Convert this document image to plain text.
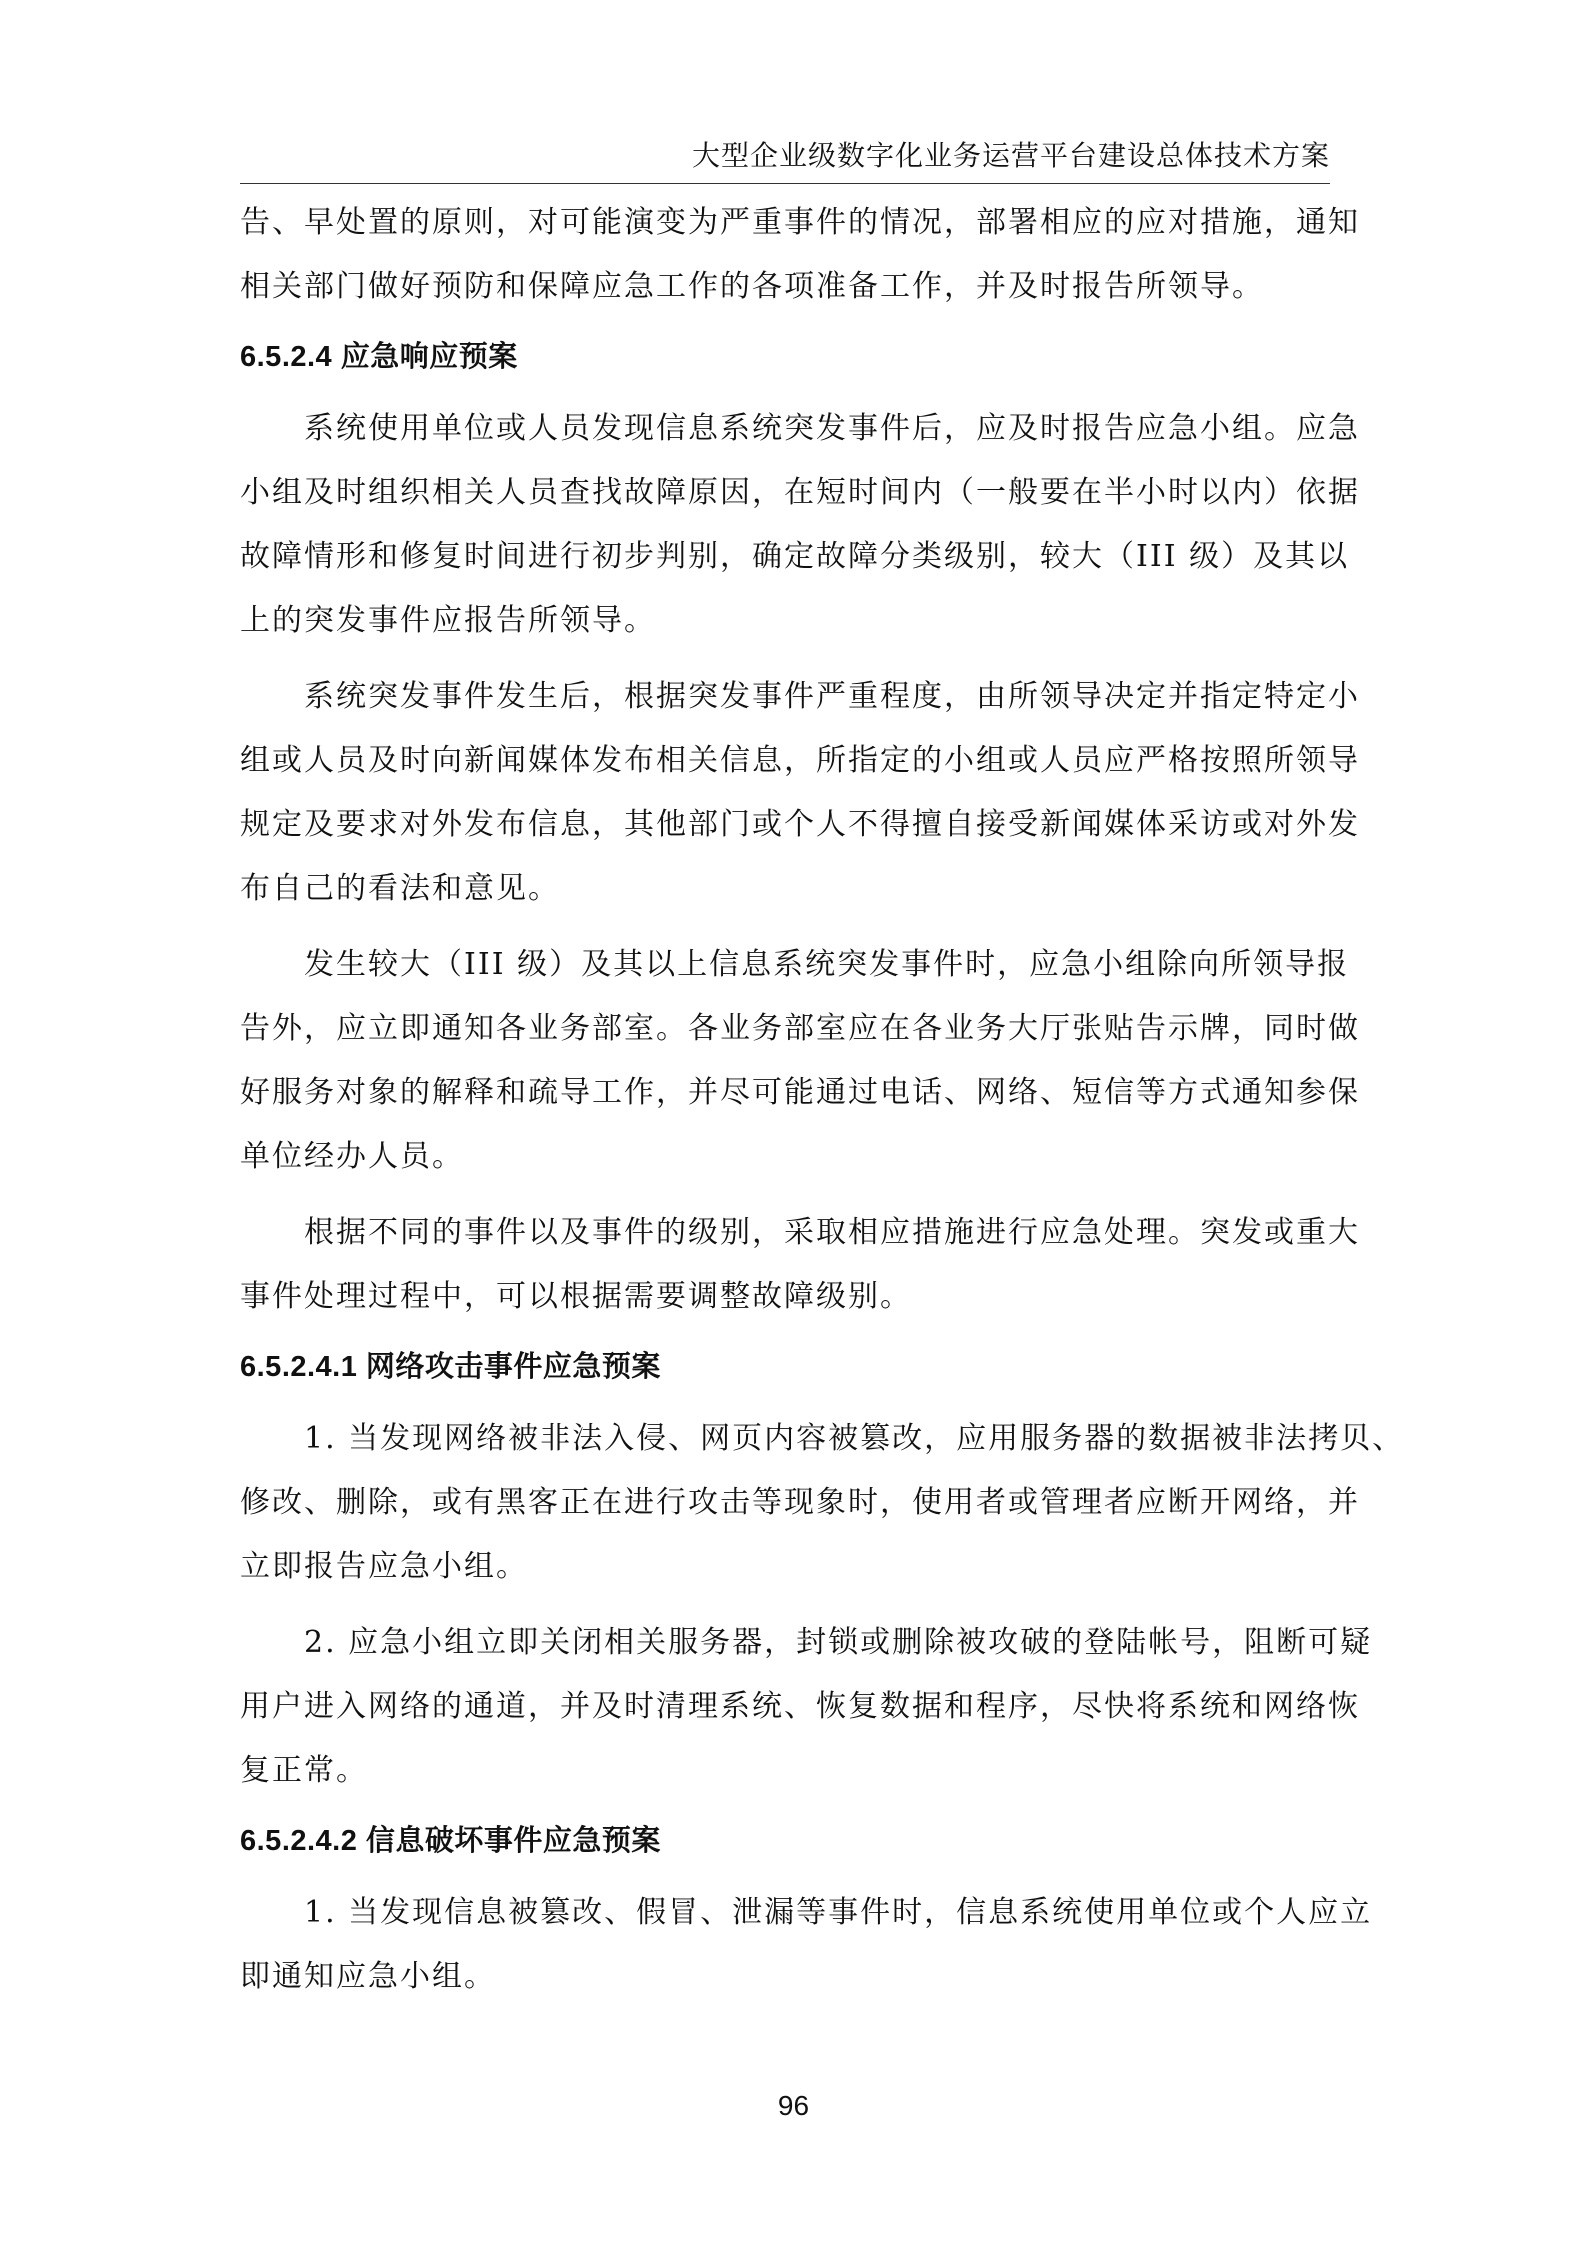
大型企业级数字化业务运营平台建设总体技术方案

告、早处置的原则，对可能演变为严重事件的情况，部署相应的应对措施，通知

相关部门做好预防和保障应急工作的各项准备工作，并及时报告所领导。

6.5.2.4 应急响应预案

系统使用单位或人员发现信息系统突发事件后，应及时报告应急小组。应急

小组及时组织相关人员查找故障原因，在短时间内（一般要在半小时以内）依据

故障情形和修复时间进行初步判别，确定故障分类级别，较大（III 级）及其以

上的突发事件应报告所领导。

系统突发事件发生后，根据突发事件严重程度，由所领导决定并指定特定小

组或人员及时向新闻媒体发布相关信息，所指定的小组或人员应严格按照所领导

规定及要求对外发布信息，其他部门或个人不得擅自接受新闻媒体采访或对外发

布自己的看法和意见。

发生较大（III 级）及其以上信息系统突发事件时，应急小组除向所领导报

告外，应立即通知各业务部室。各业务部室应在各业务大厅张贴告示牌，同时做

好服务对象的解释和疏导工作，并尽可能通过电话、网络、短信等方式通知参保

单位经办人员。

根据不同的事件以及事件的级别，采取相应措施进行应急处理。突发或重大

事件处理过程中，可以根据需要调整故障级别。

6.5.2.4.1 网络攻击事件应急预案

1. 当发现网络被非法入侵、网页内容被篡改，应用服务器的数据被非法拷贝、

修改、删除，或有黑客正在进行攻击等现象时，使用者或管理者应断开网络，并

立即报告应急小组。

2. 应急小组立即关闭相关服务器，封锁或删除被攻破的登陆帐号，阻断可疑

用户进入网络的通道，并及时清理系统、恢复数据和程序，尽快将系统和网络恢

复正常。

6.5.2.4.2 信息破坏事件应急预案

1. 当发现信息被篡改、假冒、泄漏等事件时，信息系统使用单位或个人应立

即通知应急小组。

96
